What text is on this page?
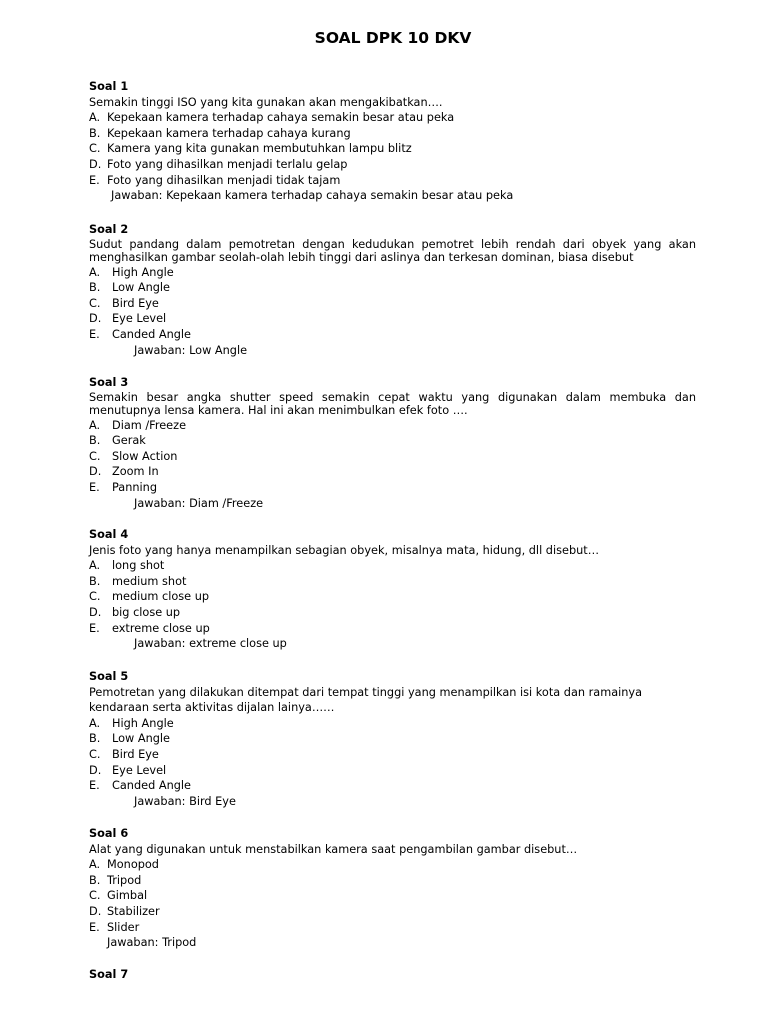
SOAL DPK 10 DKV
Soal 1
Semakin tinggi ISO yang kita gunakan akan mengakibatkan….
A. Kepekaan kamera terhadap cahaya semakin besar atau peka
B. Kepekaan kamera terhadap cahaya kurang
C. Kamera yang kita gunakan membutuhkan lampu blitz
D. Foto yang dihasilkan menjadi terlalu gelap
E. Foto yang dihasilkan menjadi tidak tajam
Jawaban: Kepekaan kamera terhadap cahaya semakin besar atau peka
Soal 2
Sudut pandang dalam pemotretan dengan kedudukan pemotret lebih rendah dari obyek yang akan menghasilkan gambar seolah-olah lebih tinggi dari aslinya dan terkesan dominan, biasa disebut
A. High Angle
B. Low Angle
C. Bird Eye
D. Eye Level
E. Canded Angle
Jawaban: Low Angle
Soal 3
Semakin besar angka shutter speed semakin cepat waktu yang digunakan dalam membuka dan menutupnya lensa kamera. Hal ini akan menimbulkan efek foto ….
A. Diam /Freeze
B. Gerak
C. Slow Action
D. Zoom In
E. Panning
Jawaban: Diam /Freeze
Soal 4
Jenis foto yang hanya menampilkan sebagian obyek, misalnya mata, hidung, dll disebut…
A. long shot
B. medium shot
C. medium close up
D. big close up
E. extreme close up
Jawaban: extreme close up
Soal 5
Pemotretan yang dilakukan ditempat dari tempat tinggi yang menampilkan isi kota dan ramainya kendaraan serta aktivitas dijalan lainya……
A. High Angle
B. Low Angle
C. Bird Eye
D. Eye Level
E. Canded Angle
Jawaban: Bird Eye
Soal 6
Alat yang digunakan untuk menstabilkan kamera saat pengambilan gambar disebut…
A. Monopod
B. Tripod
C. Gimbal
D. Stabilizer
E. Slider
Jawaban: Tripod
Soal 7
